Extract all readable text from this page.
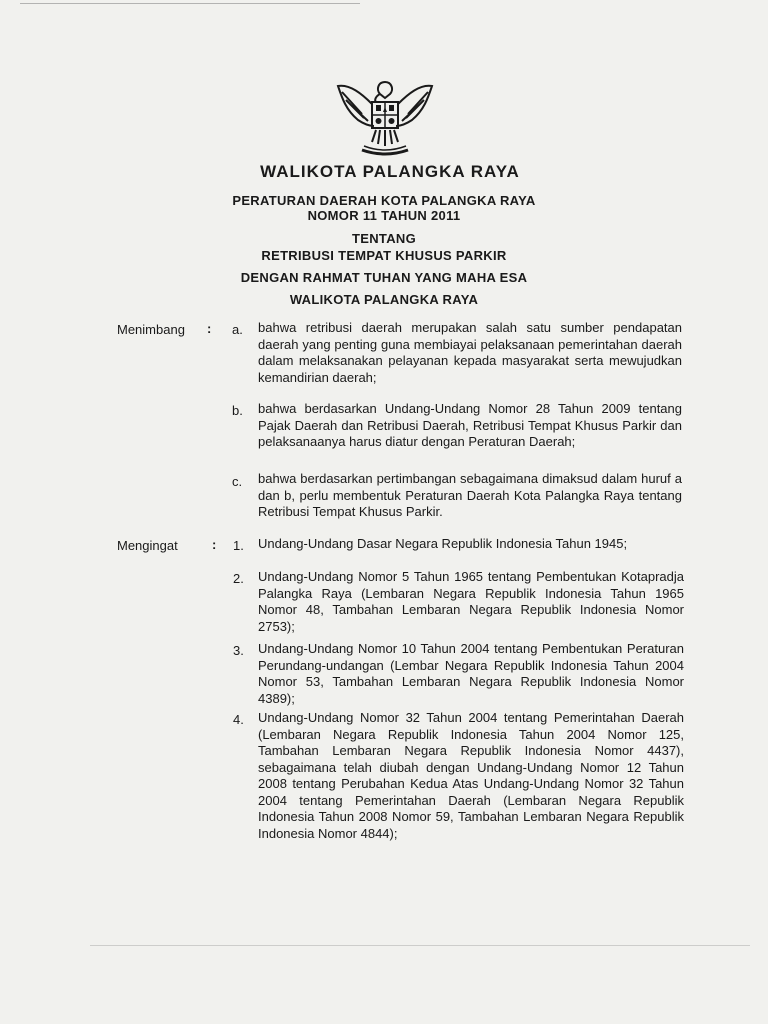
WALIKOTA PALANGKA RAYA
PERATURAN DAERAH KOTA PALANGKA RAYA
NOMOR 11 TAHUN 2011
TENTANG
RETRIBUSI TEMPAT KHUSUS PARKIR
DENGAN RAHMAT TUHAN YANG MAHA ESA
WALIKOTA PALANGKA RAYA
Menimbang : a. bahwa retribusi daerah merupakan salah satu sumber pendapatan daerah yang penting guna membiayai pelaksanaan pemerintahan daerah dalam melaksanakan pelayanan kepada masyarakat serta mewujudkan kemandirian daerah;
b. bahwa berdasarkan Undang-Undang Nomor 28 Tahun 2009 tentang Pajak Daerah dan Retribusi Daerah, Retribusi Tempat Khusus Parkir dan pelaksanaanya harus diatur dengan Peraturan Daerah;
c. bahwa berdasarkan pertimbangan sebagaimana dimaksud dalam huruf a dan b, perlu membentuk Peraturan Daerah Kota Palangka Raya tentang Retribusi Tempat Khusus Parkir.
Mengingat	: 1. Undang-Undang Dasar Negara Republik Indonesia Tahun 1945;
2. Undang-Undang Nomor 5 Tahun 1965 tentang Pembentukan Kotapradja Palangka Raya (Lembaran Negara Republik Indonesia Tahun 1965 Nomor 48, Tambahan Lembaran Negara Republik Indonesia Nomor 2753);
3. Undang-Undang Nomor 10 Tahun 2004 tentang Pembentukan Peraturan Perundang-undangan (Lembar Negara Republik Indonesia Tahun 2004 Nomor 53, Tambahan Lembaran Negara Republik Indonesia Nomor 4389);
4. Undang-Undang Nomor 32 Tahun 2004 tentang Pemerintahan Daerah (Lembaran Negara Republik Indonesia Tahun 2004 Nomor 125, Tambahan Lembaran Negara Republik Indonesia Nomor 4437), sebagaimana telah diubah dengan Undang-Undang Nomor 12 Tahun 2008 tentang Perubahan Kedua Atas Undang-Undang Nomor 32 Tahun 2004 tentang Pemerintahan Daerah (Lembaran Negara Republik Indonesia Tahun 2008 Nomor 59, Tambahan Lembaran Negara Republik Indonesia Nomor 4844);
